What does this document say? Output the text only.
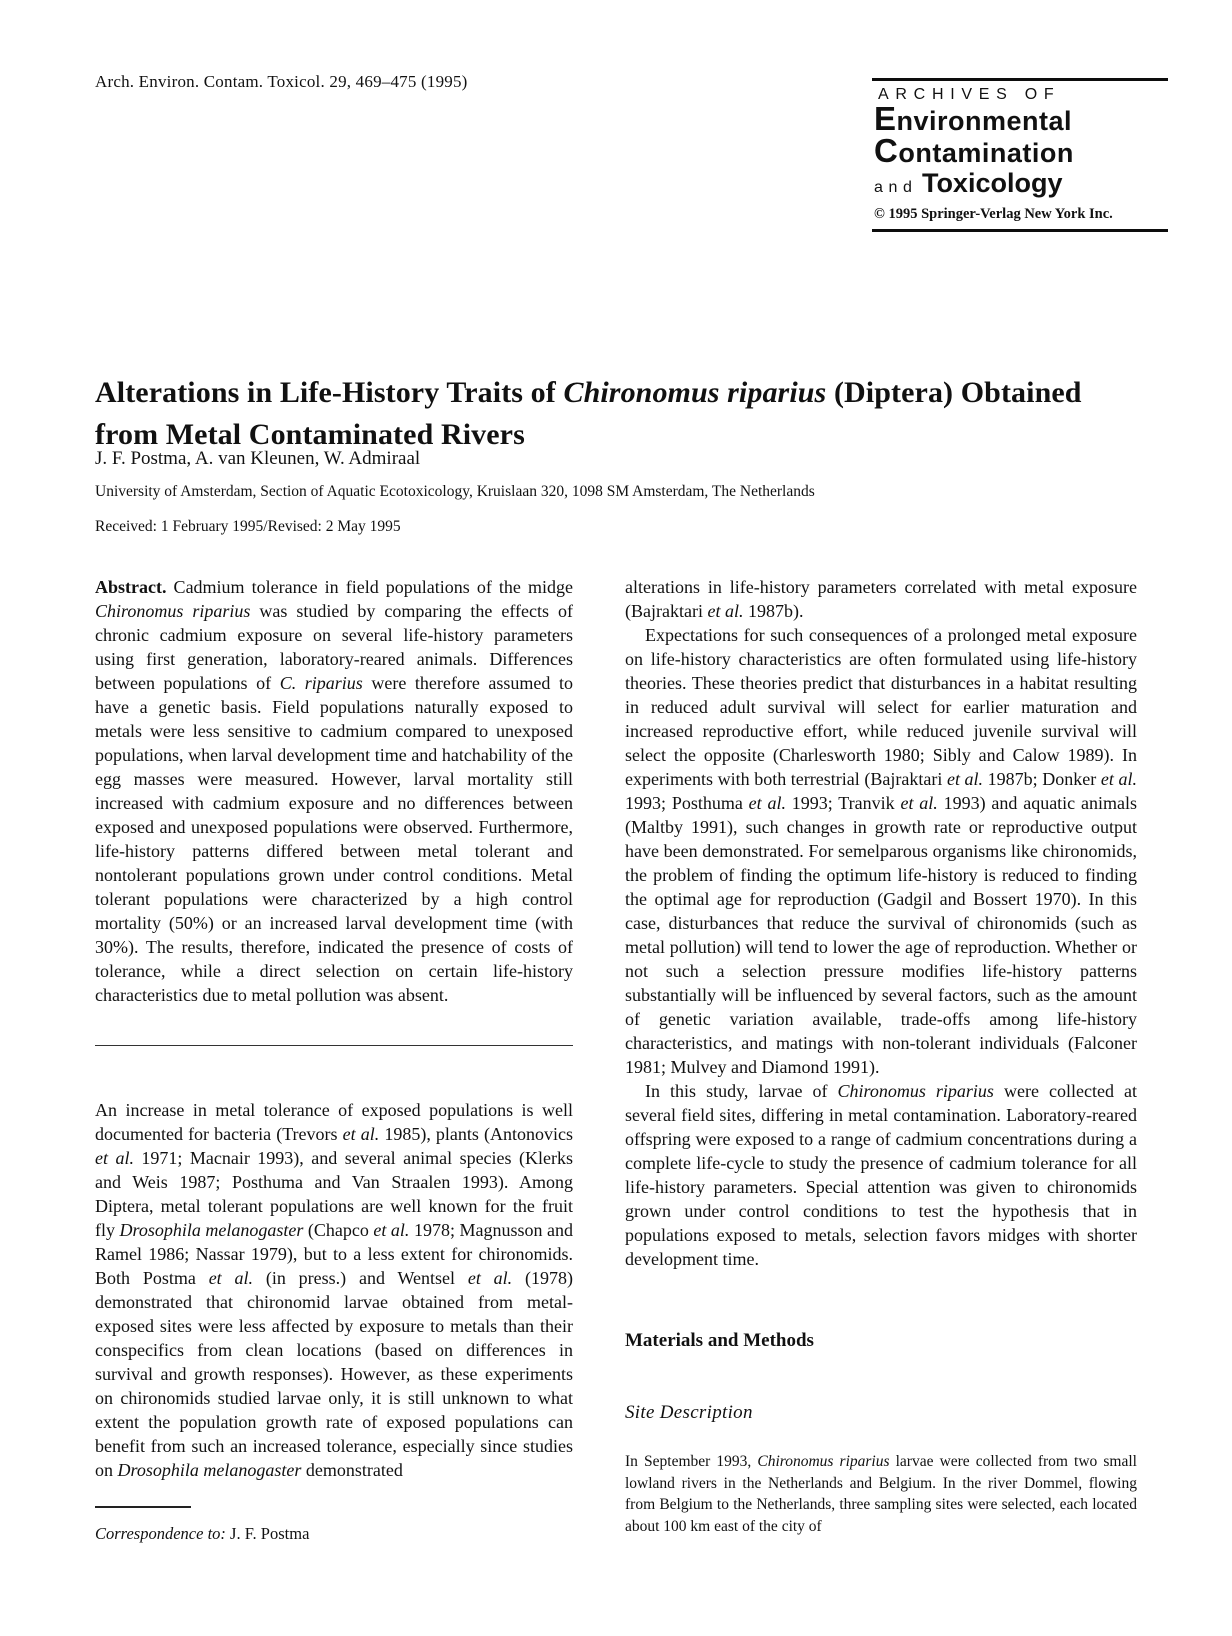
Arch. Environ. Contam. Toxicol. 29, 469–475 (1995)
ARCHIVES OF
Environmental
Contamination
and Toxicology
© 1995 Springer-Verlag New York Inc.
Alterations in Life-History Traits of Chironomus riparius (Diptera) Obtained from Metal Contaminated Rivers
J. F. Postma, A. van Kleunen, W. Admiraal
University of Amsterdam, Section of Aquatic Ecotoxicology, Kruislaan 320, 1098 SM Amsterdam, The Netherlands
Received: 1 February 1995/Revised: 2 May 1995

Abstract. Cadmium tolerance in field populations of the midge Chironomus riparius was studied by comparing the effects of chronic cadmium exposure on several life-history parameters using first generation, laboratory-reared animals. Differences between populations of C. riparius were therefore assumed to have a genetic basis. Field populations naturally exposed to metals were less sensitive to cadmium compared to unexposed populations, when larval development time and hatchability of the egg masses were measured. However, larval mortality still increased with cadmium exposure and no differences between exposed and unexposed populations were observed. Furthermore, life-history patterns differed between metal tolerant and nontolerant populations grown under control conditions. Metal tolerant populations were characterized by a high control mortality (50%) or an increased larval development time (with 30%). The results, therefore, indicated the presence of costs of tolerance, while a direct selection on certain life-history characteristics due to metal pollution was absent.

An increase in metal tolerance of exposed populations is well documented for bacteria (Trevors et al. 1985), plants (Antonovics et al. 1971; Macnair 1993), and several animal species (Klerks and Weis 1987; Posthuma and Van Straalen 1993). Among Diptera, metal tolerant populations are well known for the fruit fly Drosophila melanogaster (Chapco et al. 1978; Magnusson and Ramel 1986; Nassar 1979), but to a less extent for chironomids. Both Postma et al. (in press.) and Wentsel et al. (1978) demonstrated that chironomid larvae obtained from metal-exposed sites were less affected by exposure to metals than their conspecifics from clean locations (based on differences in survival and growth responses). However, as these experiments on chironomids studied larvae only, it is still unknown to what extent the population growth rate of exposed populations can benefit from such an increased tolerance, especially since studies on Drosophila melanogaster demonstrated

Correspondence to: J. F. Postma

alterations in life-history parameters correlated with metal exposure (Bajraktari et al. 1987b).

Expectations for such consequences of a prolonged metal exposure on life-history characteristics are often formulated using life-history theories. These theories predict that disturbances in a habitat resulting in reduced adult survival will select for earlier maturation and increased reproductive effort, while reduced juvenile survival will select the opposite (Charlesworth 1980; Sibly and Calow 1989). In experiments with both terrestrial (Bajraktari et al. 1987b; Donker et al. 1993; Posthuma et al. 1993; Tranvik et al. 1993) and aquatic animals (Maltby 1991), such changes in growth rate or reproductive output have been demonstrated. For semelparous organisms like chironomids, the problem of finding the optimum life-history is reduced to finding the optimal age for reproduction (Gadgil and Bossert 1970). In this case, disturbances that reduce the survival of chironomids (such as metal pollution) will tend to lower the age of reproduction. Whether or not such a selection pressure modifies life-history patterns substantially will be influenced by several factors, such as the amount of genetic variation available, trade-offs among life-history characteristics, and matings with non-tolerant individuals (Falconer 1981; Mulvey and Diamond 1991).

In this study, larvae of Chironomus riparius were collected at several field sites, differing in metal contamination. Laboratory-reared offspring were exposed to a range of cadmium concentrations during a complete life-cycle to study the presence of cadmium tolerance for all life-history parameters. Special attention was given to chironomids grown under control conditions to test the hypothesis that in populations exposed to metals, selection favors midges with shorter development time.

Materials and Methods

Site Description

In September 1993, Chironomus riparius larvae were collected from two small lowland rivers in the Netherlands and Belgium. In the river Dommel, flowing from Belgium to the Netherlands, three sampling sites were selected, each located about 100 km east of the city of
